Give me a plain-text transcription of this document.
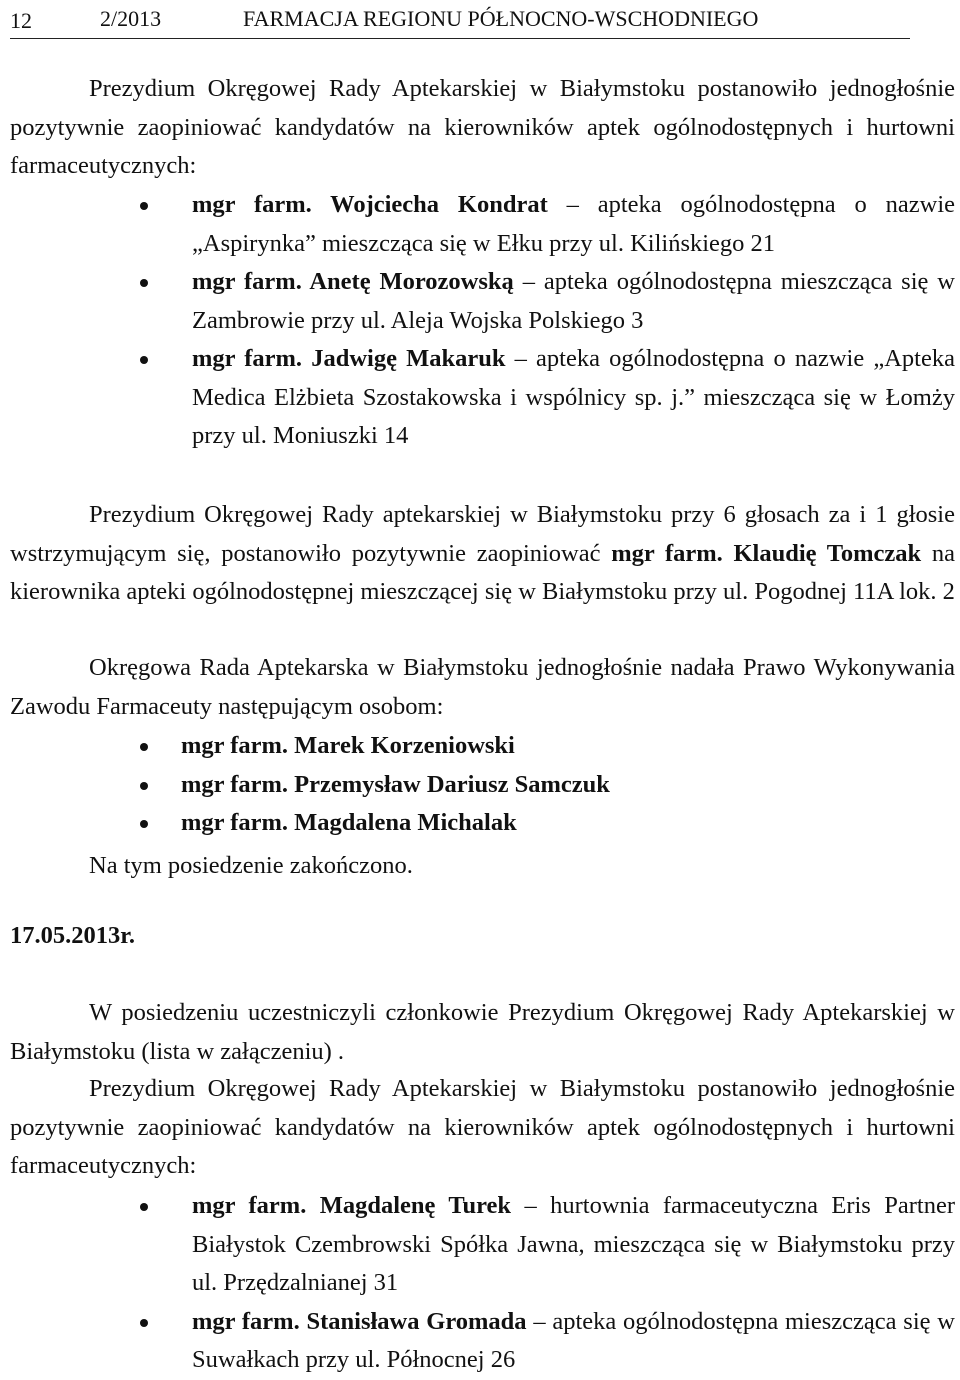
12	2/2013	FARMACJA REGIONU PÓŁNOCNO-WSCHODNIEGO
Prezydium Okręgowej Rady Aptekarskiej w Białymstoku postanowiło jednogłośnie pozytywnie zaopiniować kandydatów na kierowników aptek ogólnodostępnych i hurtowni farmaceutycznych:
mgr farm. Wojciecha Kondrat – apteka ogólnodostępna o nazwie „Aspirynka” mieszcząca się w Ełku przy ul. Kilińskiego 21
mgr farm. Anetę Morozowską – apteka ogólnodostępna mieszcząca się w Zambrowie przy ul. Aleja Wojska Polskiego 3
mgr farm. Jadwigę Makaruk – apteka ogólnodostępna o nazwie „Apteka Medica Elżbieta Szostakowska i wspólnicy sp. j.” mieszcząca się w Łomży przy ul. Moniuszki 14
Prezydium Okręgowej Rady aptekarskiej w Białymstoku przy 6 głosach za i 1 głosie wstrzymującym się, postanowiło pozytywnie zaopiniować mgr farm. Klaudię Tomczak na kierownika apteki ogólnodostępnej mieszczącej się w Białymstoku przy ul. Pogodnej 11A lok. 2
Okręgowa Rada Aptekarska w Białymstoku jednogłośnie nadała Prawo Wykonywania Zawodu Farmaceuty następującym osobom:
mgr farm. Marek Korzeniowski
mgr farm. Przemysław Dariusz Samczuk
mgr farm. Magdalena Michalak
Na tym posiedzenie zakończono.
17.05.2013r.
W posiedzeniu uczestniczyli członkowie Prezydium Okręgowej Rady Aptekarskiej w Białymstoku (lista w załączeniu) .
Prezydium Okręgowej Rady Aptekarskiej w Białymstoku postanowiło jednogłośnie pozytywnie zaopiniować kandydatów na kierowników aptek ogólnodostępnych i hurtowni farmaceutycznych:
mgr farm. Magdalenę Turek – hurtownia farmaceutyczna Eris Partner Białystok Czembrowski Spółka Jawna, mieszcząca się w Białymstoku przy ul. Przędzalnianej 31
mgr farm. Stanisława Gromada – apteka ogólnodostępna mieszcząca się w Suwałkach przy ul. Północnej 26
